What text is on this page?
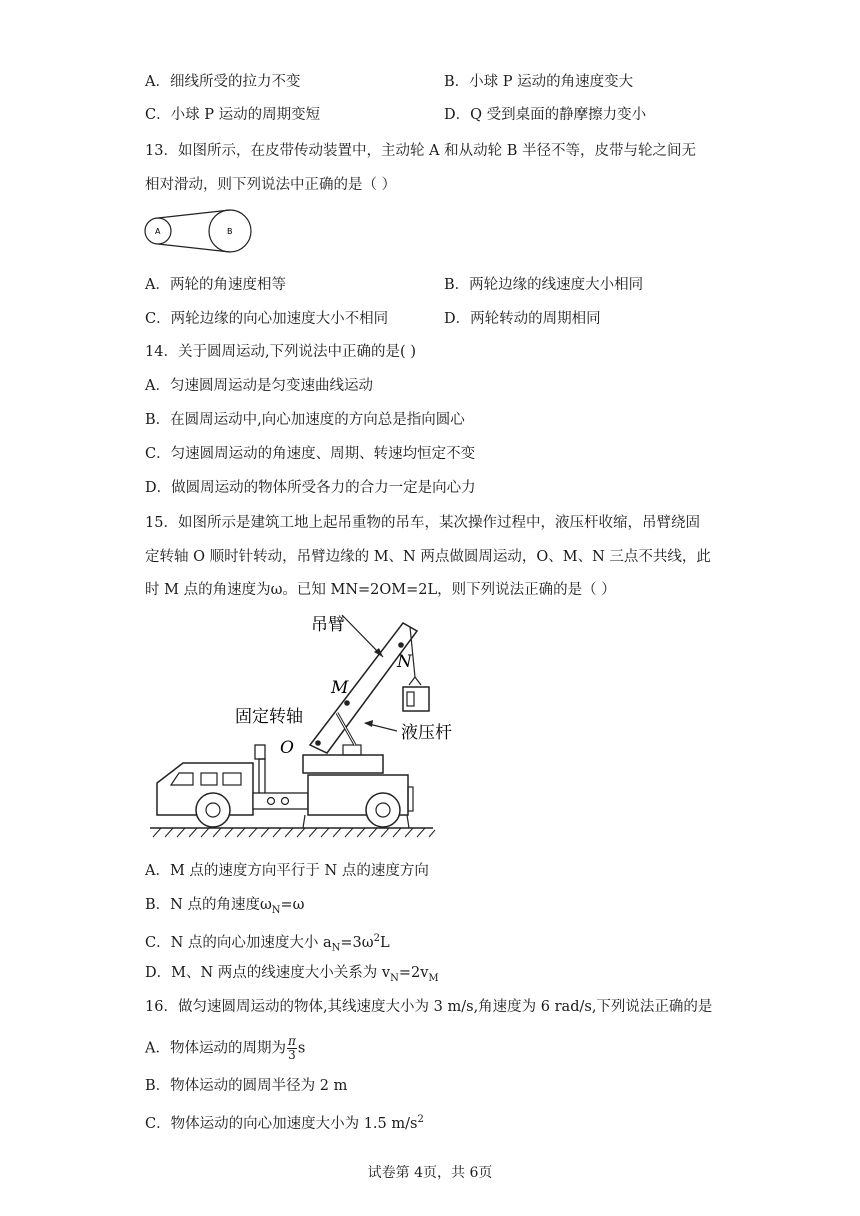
A．细线所受的拉力不变	B．小球 P 运动的角速度变大
C．小球 P 运动的周期变短	D．Q 受到桌面的静摩擦力变小
13．如图所示，在皮带传动装置中，主动轮 A 和从动轮 B 半径不等，皮带与轮之间无
相对滑动，则下列说法中正确的是（ ）
A	B
A．两轮的角速度相等	B．两轮边缘的线速度大小相同
C．两轮边缘的向心加速度大小不相同	D．两轮转动的周期相同
14．关于圆周运动,下列说法中正确的是( )
A．匀速圆周运动是匀变速曲线运动
B．在圆周运动中,向心加速度的方向总是指向圆心
C．匀速圆周运动的角速度、周期、转速均恒定不变
D．做圆周运动的物体所受各力的合力一定是向心力
15．如图所示是建筑工地上起吊重物的吊车，某次操作过程中，液压杆收缩，吊臂绕固
定转轴 O 顺时针转动，吊臂边缘的 M、N 两点做圆周运动，O、M、N 三点不共线，此
时 M 点的角速度为ω。已知 MN=2OM=2L，则下列说法正确的是（ ）
吊臂
固定转轴
液压杆
M
N
O
A．M 点的速度方向平行于 N 点的速度方向
B．N 点的角速度$\omega_N=\omega$
C．N 点的向心加速度大小 $a_N=3\omega^2L$
D．M、N 两点的线速度大小关系为 $v_N=2v_M$
16．做匀速圆周运动的物体,其线速度大小为 3 m/s,角速度为 6 rad/s,下列说法正确的是
A．物体运动的周期为 $\frac{\pi}{3}$ s
B．物体运动的圆周半径为 2 m
C．物体运动的向心加速度大小为 1.5 $m/s^2$
试卷第 4页，共 6页
